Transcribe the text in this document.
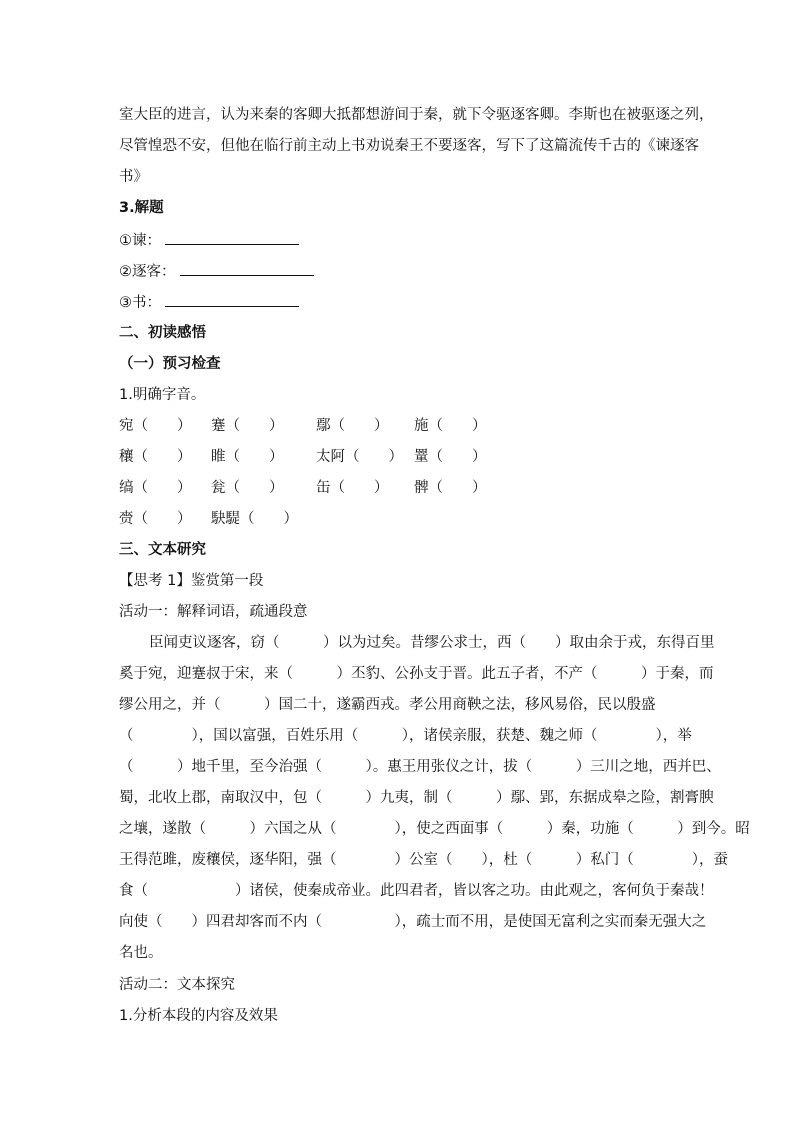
室大臣的进言，认为来秦的客卿大抵都想游间于秦，就下令驱逐客卿。李斯也在被驱逐之列，
尽管惶恐不安，但他在临行前主动上书劝说秦王不要逐客，写下了这篇流传千古的《谏逐客
书》
3.解题
①谏：
②逐客：
③书：
二、初读感悟
（一）预习检查
1.明确字音。
宛（　　） 蹇（　　） 鄢（　　） 施（　　）
穰（　　） 睢（　　） 太阿（　　） 罿（　　）
缟（　　） 瓮（　　） 缶（　　） 髀（　　）
赍（　　） 駃騠（　　）
三、文本研究
【思考 1】鉴赏第一段
活动一：解释词语，疏通段意
臣闻吏议逐客，窃（　　　）以为过矣。昔缪公求士，西（　　）取由余于戎，东得百里
奚于宛，迎蹇叔于宋，来（　　　）丕豹、公孙支于晋。此五子者，不产（　　　）于秦，而
缪公用之，并（　　　）国二十，遂霸西戎。孝公用商鞅之法，移风易俗，民以殷盛
（　　　　），国以富强，百姓乐用（　　　），诸侯亲服，获楚、魏之师（　　　　），举
（　　　）地千里，至今治强（　　　）。惠王用张仪之计，拔（　　　）三川之地，西并巴、
蜀，北收上郡，南取汉中，包（　　　）九夷，制（　　　）鄢、郢，东据成皋之险，割膏腴
之壤，遂散（　　　）六国之从（　　　　），使之西面事（　　　）秦，功施（　　　）到今。昭
王得范雎，废穰侯，逐华阳，强（　　　　）公室（　　），杜（　　　）私门（　　　　），蚕
食（　　　　　　）诸侯，使秦成帝业。此四君者，皆以客之功。由此观之，客何负于秦哉！
向使（　　）四君却客而不内（　　　　　），疏士而不用，是使国无富利之实而秦无强大之
名也。
活动二：文本探究
1.分析本段的内容及效果
